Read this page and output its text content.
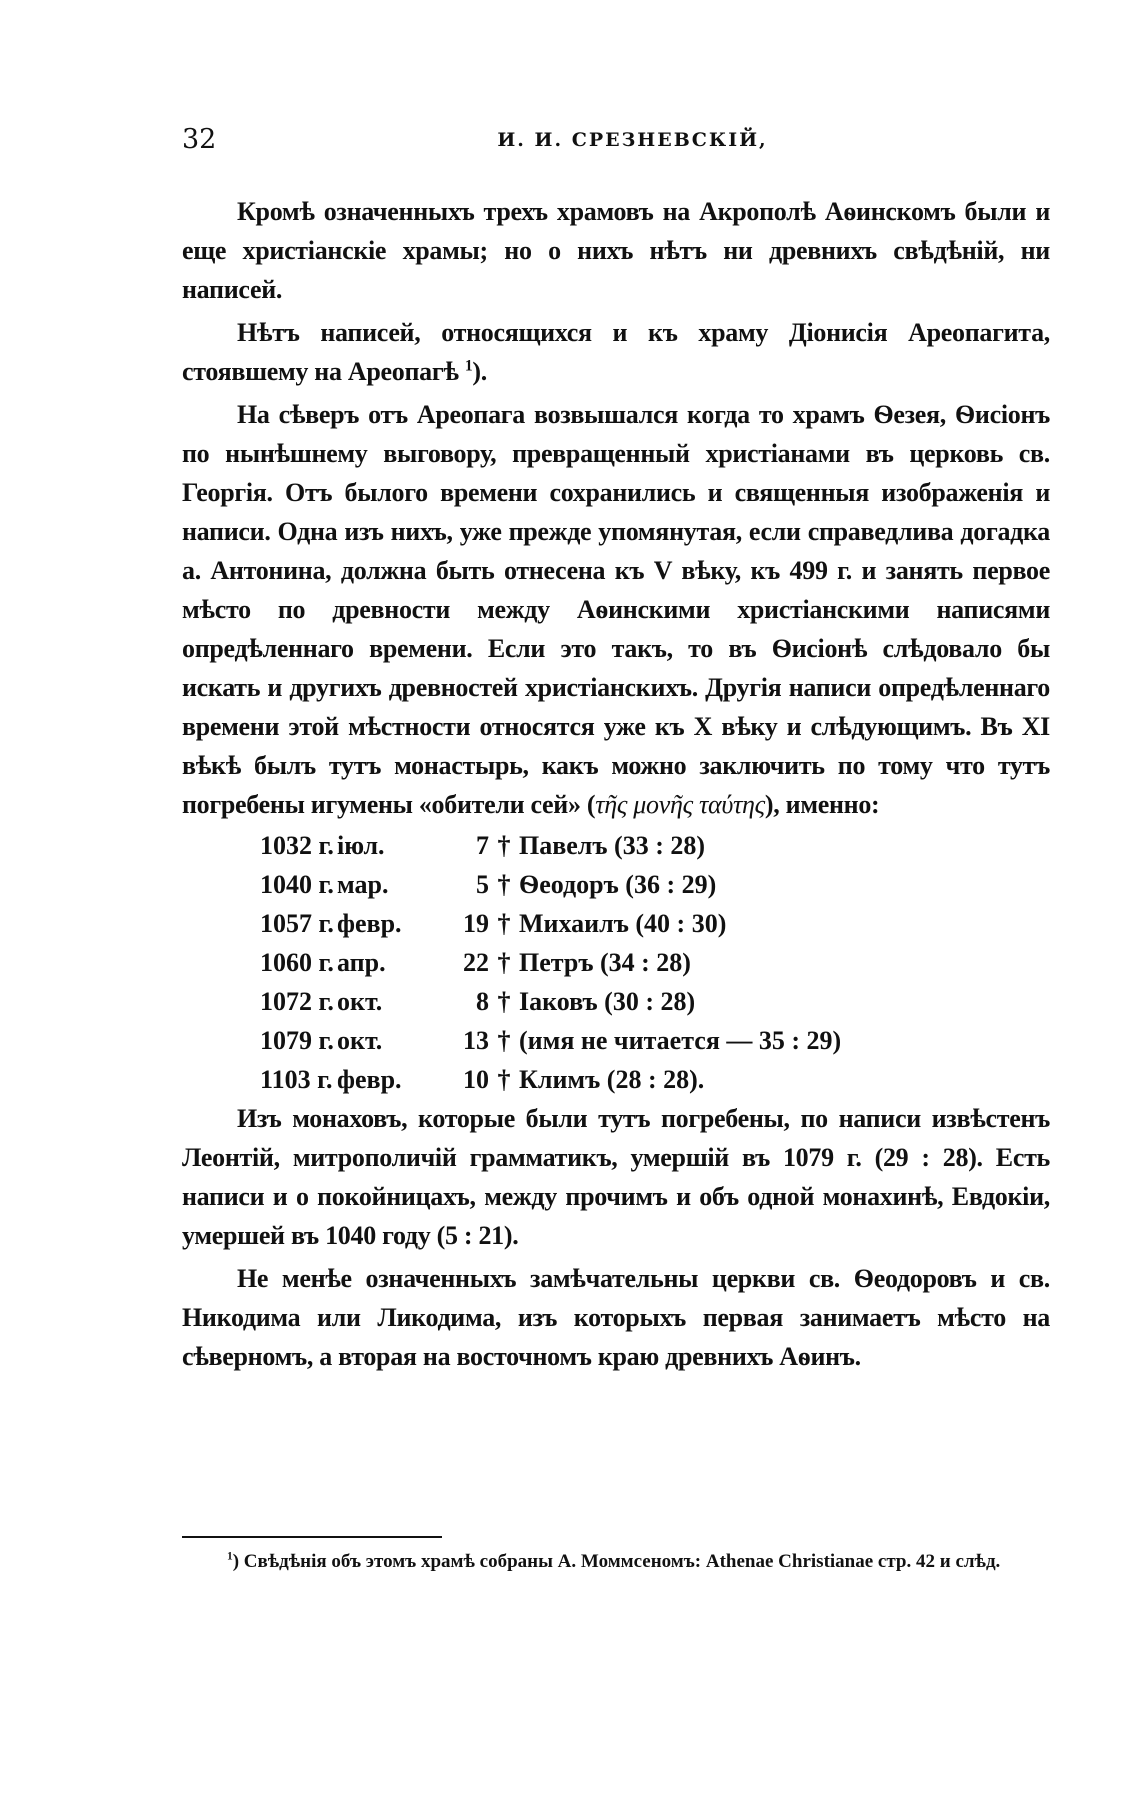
32	И. И. СРЕЗНЕВСКІЙ,

Кромѣ означенныхъ трехъ храмовъ на Акрополѣ Аѳинскомъ были и еще христіанскіе храмы; но о нихъ нѣтъ ни древнихъ свѣдѣній, ни написей.

Нѣтъ написей, относящихся и къ храму Діонисія Ареопагита, стоявшему на Ареопагѣ $^1$).

На сѣверъ отъ Ареопага возвышался когда то храмъ Ѳезея, Ѳисіонъ по нынѣшнему выговору, превращенный христіанами въ церковь св. Георгія. Отъ былого времени сохранились и священныя изображенія и написи. Одна изъ нихъ, уже прежде упомянутая, если справедлива догадка а. Антонина, должна быть отнесена къ V вѣку, къ 499 г. и занять первое мѣсто по древности между Аѳинскими христіанскими написями опредѣленнаго времени. Если это такъ, то въ Ѳисіонѣ слѣдовало бы искать и другихъ древностей христіанскихъ. Другія написи опредѣленнаго времени этой мѣстности относятся уже къ X вѣку и слѣдующимъ. Въ XI вѣкѣ былъ тутъ монастырь, какъ можно заключить по тому что тутъ погребены игумены «обители сей» (τῆς μονῆς ταύτης), именно:

1032 г. іюл.	7 † Павелъ (33 : 28)
1040 г. мар.	5 † Ѳеодоръ (36 : 29)
1057 г. февр.	19 † Михаилъ (40 : 30)
1060 г. апр.	22 † Петръ (34 : 28)
1072 г. окт.	8 † Іаковъ (30 : 28)
1079 г. окт.	13 † (имя не читается — 35 : 29)
1103 г. февр.	10 † Климъ (28 : 28).

Изъ монаховъ, которые были тутъ погребены, по написи извѣстенъ Леонтій, митрополичій грамматикъ, умершій въ 1079 г. (29 : 28). Есть написи и о покойницахъ, между прочимъ и объ одной монахинѣ, Евдокіи, умершей въ 1040 году (5 : 21).

Не менѣе означенныхъ замѣчательны церкви св. Ѳеодоровъ и св. Никодима или Ликодима, изъ которыхъ первая занимаетъ мѣсто на сѣверномъ, а вторая на восточномъ краю древнихъ Аѳинъ.

$^1$) Свѣдѣнія объ этомъ храмѣ собраны А. Моммсеномъ: Athenae Christianae стр. 42 и слѣд.
